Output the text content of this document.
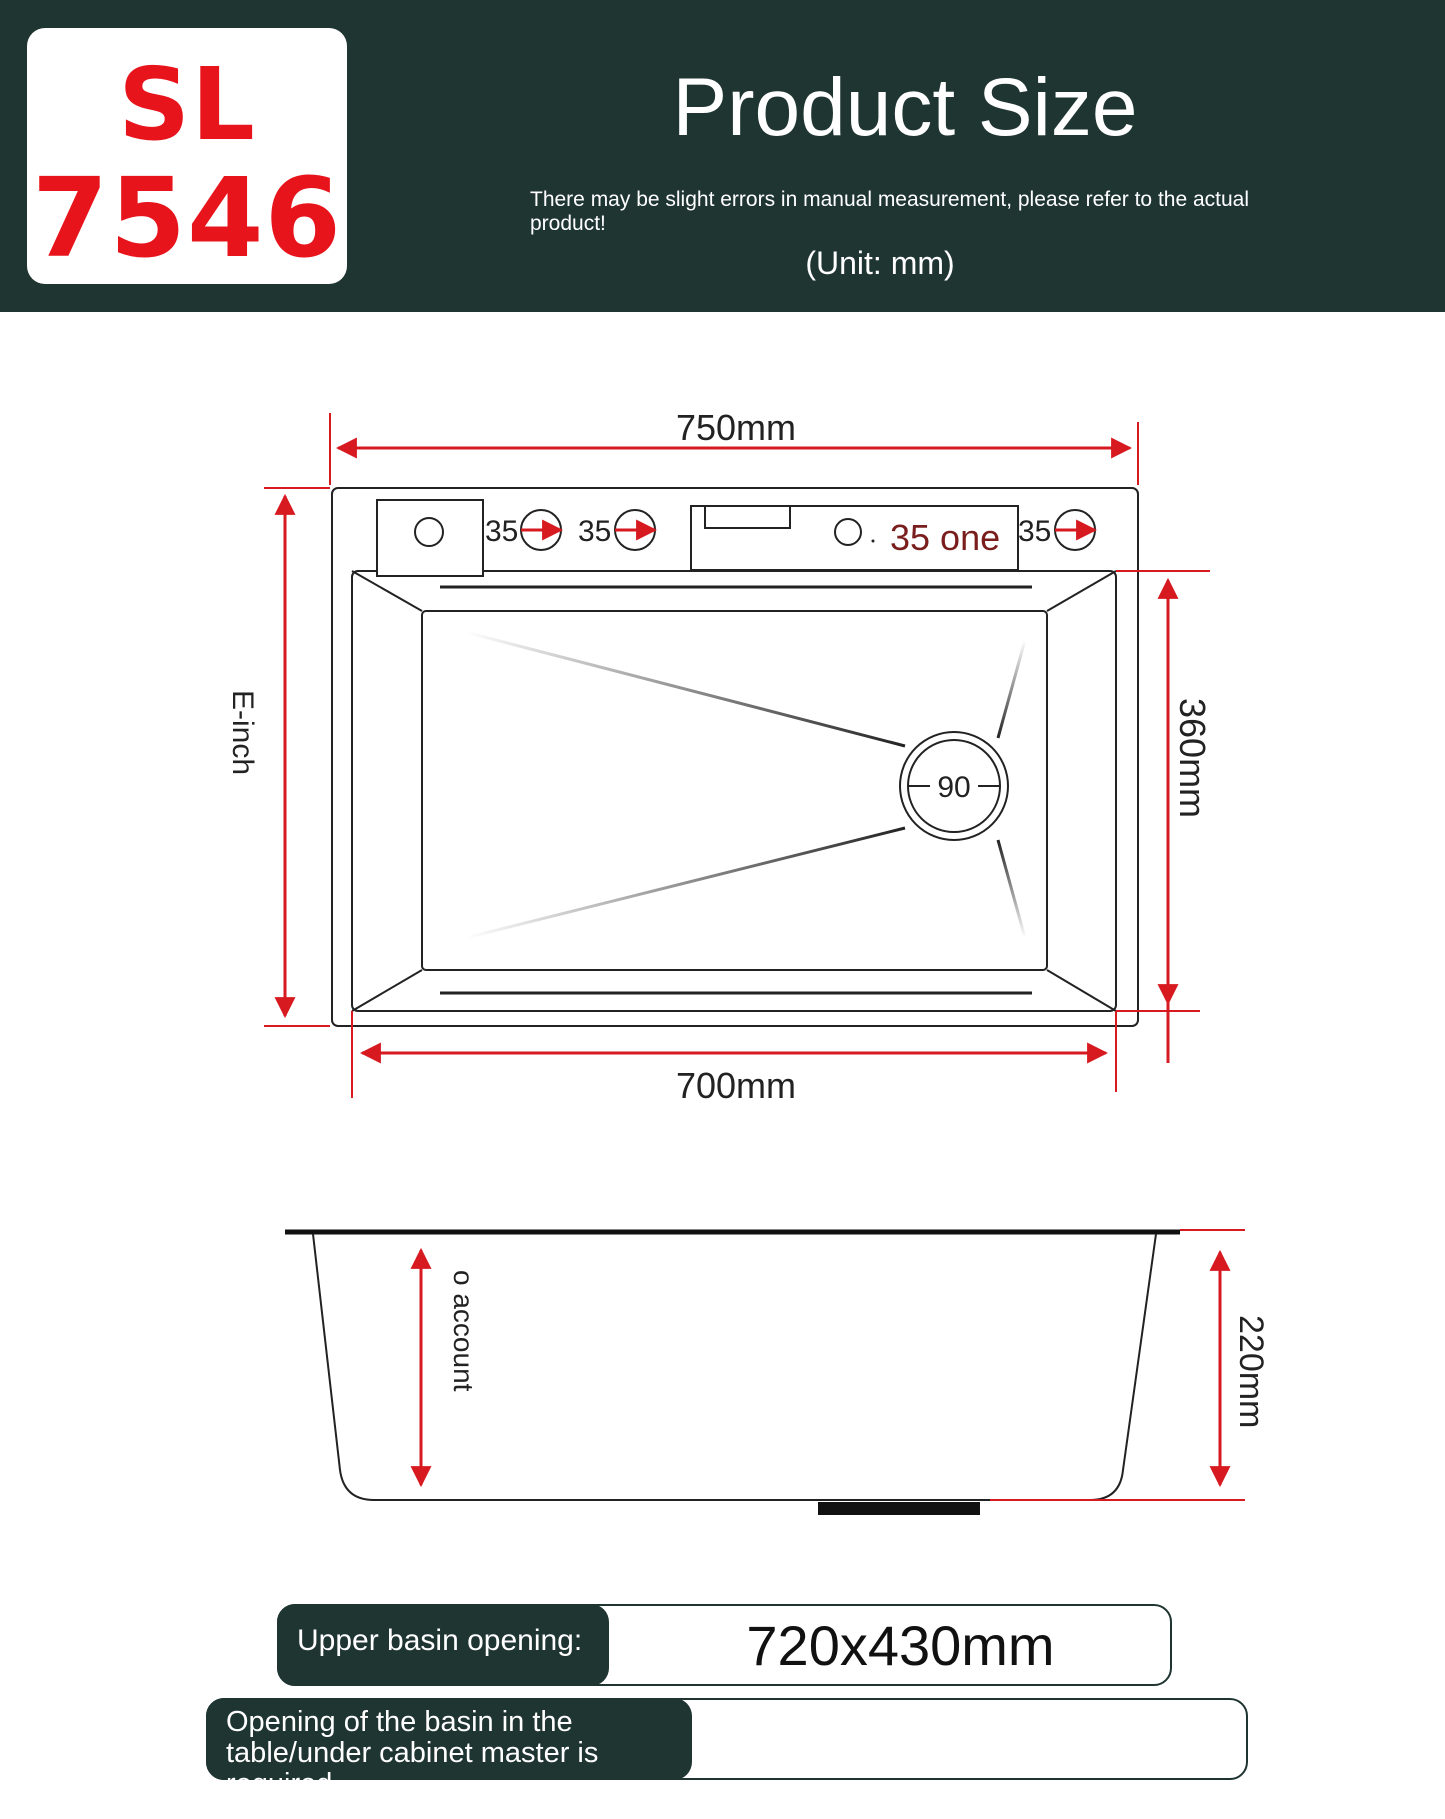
SL
7546
Product Size
There may be slight errors in manual measurement, please refer to the actual product!
(Unit: mm)
90
35 35	35 one 35
750mm
700mm
E-inch	360mm
o account	220mm
Upper basin opening:	720x430mm
Opening of the basin in the table/under cabinet master is required
